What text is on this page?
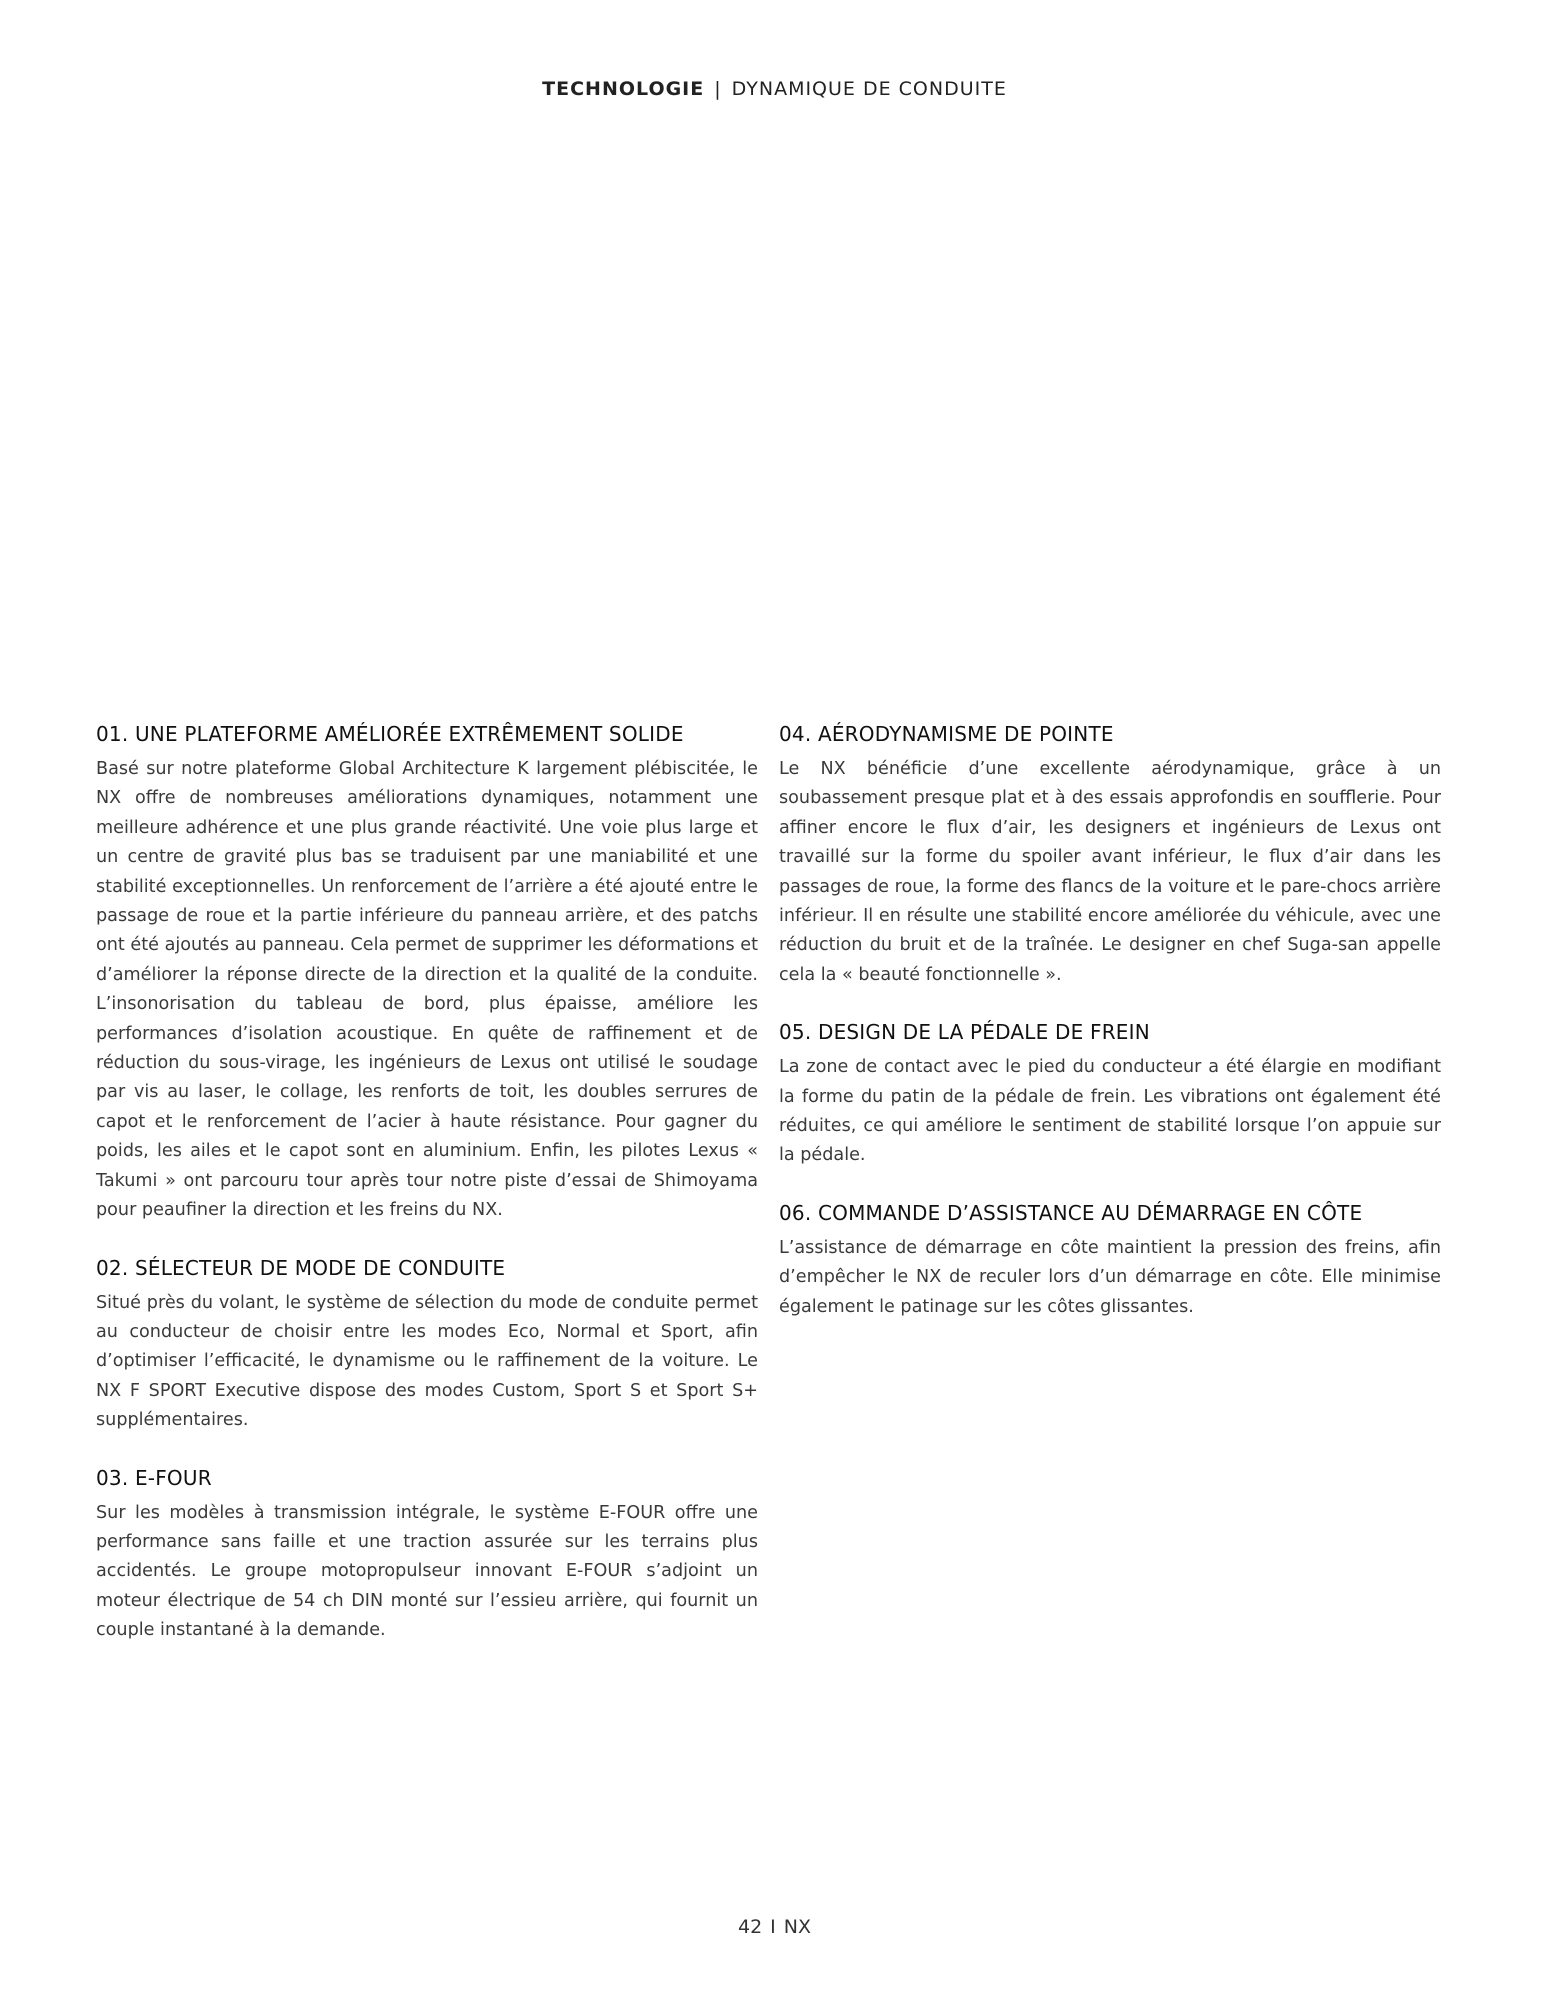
TECHNOLOGIE | DYNAMIQUE DE CONDUITE
01. UNE PLATEFORME AMÉLIORÉE EXTRÊMEMENT SOLIDE

Basé sur notre plateforme Global Architecture K largement plébiscitée, le NX offre de nombreuses améliorations dynamiques, notamment une meilleure adhérence et une plus grande réactivité. Une voie plus large et un centre de gravité plus bas se traduisent par une maniabilité et une stabilité exceptionnelles. Un renforcement de l’arrière a été ajouté entre le passage de roue et la partie inférieure du panneau arrière, et des patchs ont été ajoutés au panneau. Cela permet de supprimer les déformations et d’améliorer la réponse directe de la direction et la qualité de la conduite. L’insonorisation du tableau de bord, plus épaisse, améliore les performances d’isolation acoustique. En quête de raffinement et de réduction du sous-virage, les ingénieurs de Lexus ont utilisé le soudage par vis au laser, le collage, les renforts de toit, les doubles serrures de capot et le renforcement de l’acier à haute résistance. Pour gagner du poids, les ailes et le capot sont en aluminium. Enfin, les pilotes Lexus « Takumi » ont parcouru tour après tour notre piste d’essai de Shimoyama pour peaufiner la direction et les freins du NX.

02. SÉLECTEUR DE MODE DE CONDUITE

Situé près du volant, le système de sélection du mode de conduite permet au conducteur de choisir entre les modes Eco, Normal et Sport, afin d’optimiser l’efficacité, le dynamisme ou le raffinement de la voiture. Le NX F SPORT Executive dispose des modes Custom, Sport S et Sport S+ supplémentaires.

03. E-FOUR

Sur les modèles à transmission intégrale, le système E-FOUR offre une performance sans faille et une traction assurée sur les terrains plus accidentés. Le groupe motopropulseur innovant E-FOUR s’adjoint un moteur électrique de 54 ch DIN monté sur l’essieu arrière, qui fournit un couple instantané à la demande.

04. AÉRODYNAMISME DE POINTE

Le NX bénéficie d’une excellente aérodynamique, grâce à un soubassement presque plat et à des essais approfondis en soufflerie. Pour affiner encore le flux d’air, les designers et ingénieurs de Lexus ont travaillé sur la forme du spoiler avant inférieur, le flux d’air dans les passages de roue, la forme des flancs de la voiture et le pare-chocs arrière inférieur. Il en résulte une stabilité encore améliorée du véhicule, avec une réduction du bruit et de la traînée. Le designer en chef Suga-san appelle cela la « beauté fonctionnelle ».

05. DESIGN DE LA PÉDALE DE FREIN

La zone de contact avec le pied du conducteur a été élargie en modifiant la forme du patin de la pédale de frein. Les vibrations ont également été réduites, ce qui améliore le sentiment de stabilité lorsque l’on appuie sur la pédale.

06. COMMANDE D’ASSISTANCE AU DÉMARRAGE EN CÔTE

L’assistance de démarrage en côte maintient la pression des freins, afin d’empêcher le NX de reculer lors d’un démarrage en côte. Elle minimise également le patinage sur les côtes glissantes.

42 I NX
